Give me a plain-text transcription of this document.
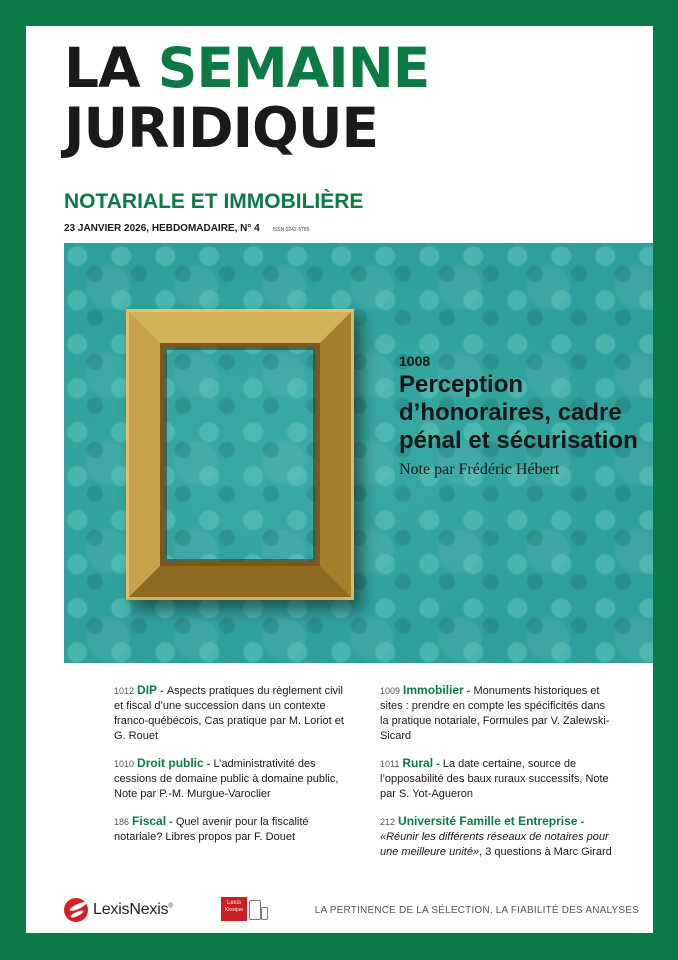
LA SEMAINE
JURIDIQUE
NOTARIALE ET IMMOBILIÈRE
23 JANVIER 2026, HEBDOMADAIRE, N° 4	ISSN 0242-5785
1008
Perception d’honoraires, cadre pénal et sécurisation
Note par Frédéric Hébert
1012 DIP - Aspects pratiques du règlement civil et fiscal d’une succession dans un contexte franco-québécois, Cas pratique par M. Loriot et G. Rouet
1010 Droit public - L’administrativité des cessions de domaine public à domaine public, Note par P.-M. Murgue-Varoclier
186 Fiscal - Quel avenir pour la fiscalité notariale? Libres propos par F. Douet
1009 Immobilier - Monuments historiques et sites : prendre en compte les spécificités dans la pratique notariale, Formules par V. Zalewski-Sicard
1011 Rural - La date certaine, source de l’opposabilité des baux ruraux successifs, Note par S. Yot-Agueron
212 Université Famille et Entreprise - «Réunir les différents réseaux de notaires pour une meilleure unité», 3 questions à Marc Girard
LexisNexis®
Lexis
Kiosque	LA PERTINENCE DE LA SÉLECTION, LA FIABILITÉ DES ANALYSES
